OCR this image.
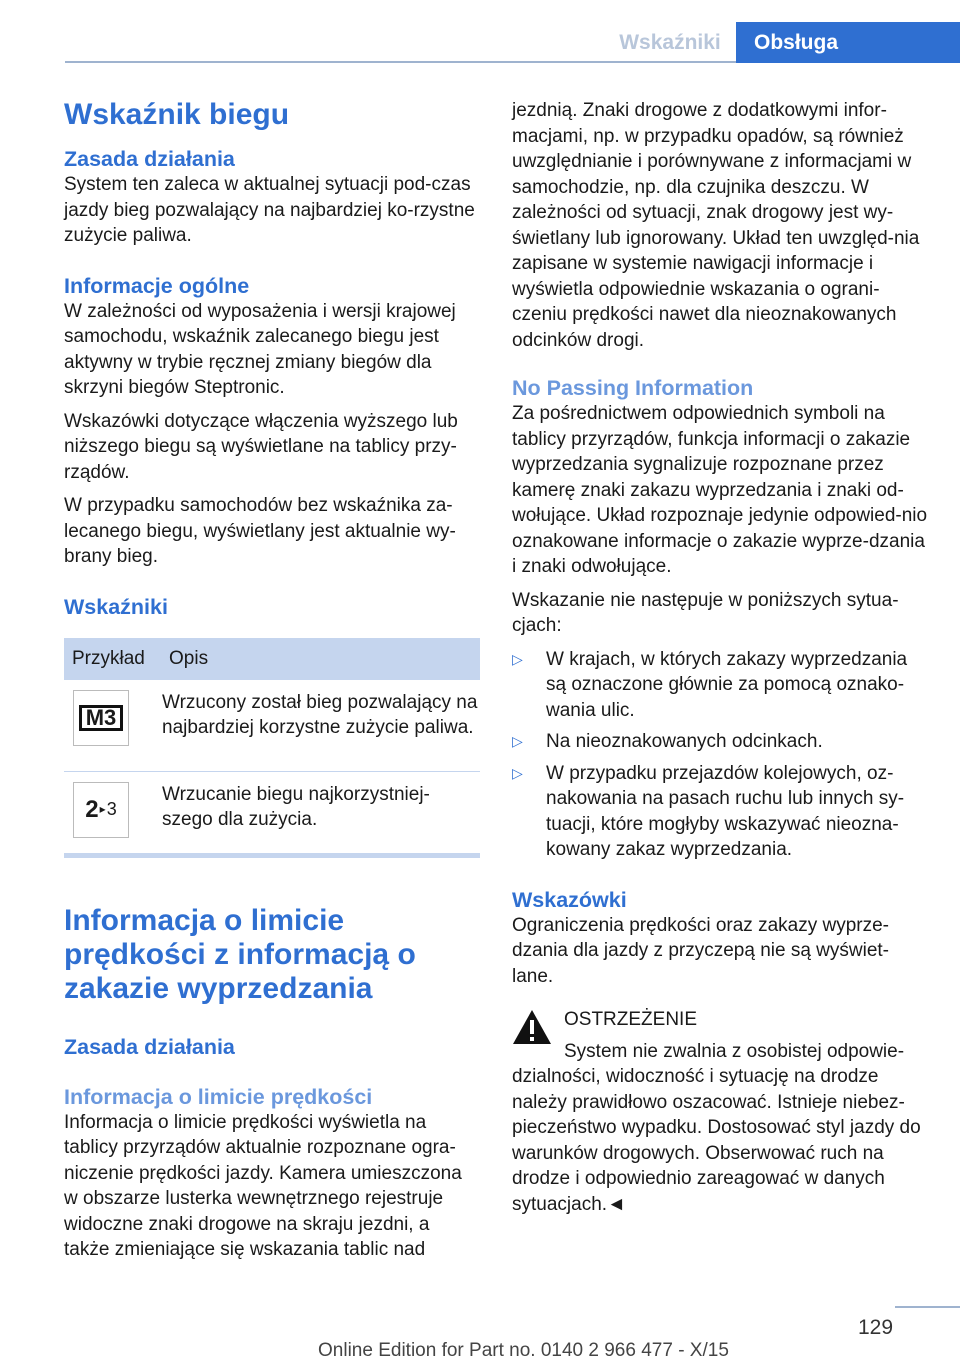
Wskaźniki	Obsługa
Wskaźnik biegu
Zasada działania

System ten zaleca w aktualnej sytuacji pod-czas jazdy bieg pozwalający na najbardziej ko-rzystne zużycie paliwa.

Informacje ogólne

W zależności od wyposażenia i wersji krajowej samochodu, wskaźnik zalecanego biegu jest aktywny w trybie ręcznej zmiany biegów dla skrzyni biegów Steptronic.

Wskazówki dotyczące włączenia wyższego lub niższego biegu są wyświetlane na tablicy przy-rządów.

W przypadku samochodów bez wskaźnika za-lecanego biegu, wyświetlany jest aktualnie wy-brany bieg.

Wskaźniki
Przykład	Opis

M3	Wrzucony został bieg pozwalający na najbardziej korzystne zużycie paliwa.

2 ▸ 3	Wrzucanie biegu najkorzystniej-szego dla zużycia.
Informacja o limicie prędkości z informacją o zakazie wyprzedzania
Zasada działania
Informacja o limicie prędkości

Informacja o limicie prędkości wyświetla na tablicy przyrządów aktualnie rozpoznane ogra-niczenie prędkości jazdy. Kamera umieszczona w obszarze lusterka wewnętrznego rejestruje widoczne znaki drogowe na skraju jezdni, a także zmieniające się wskazania tablic nad

jezdnią. Znaki drogowe z dodatkowymi infor-macjami, np. w przypadku opadów, są również uwzględnianie i porównywane z informacjami w samochodzie, np. dla czujnika deszczu. W zależności od sytuacji, znak drogowy jest wy-świetlany lub ignorowany. Układ ten uwzględ-nia zapisane w systemie nawigacji informacje i wyświetla odpowiednie wskazania o ograni-czeniu prędkości nawet dla nieoznakowanych odcinków drogi.

No Passing Information

Za pośrednictwem odpowiednich symboli na tablicy przyrządów, funkcja informacji o zakazie wyprzedzania sygnalizuje rozpoznane przez kamerę znaki zakazu wyprzedzania i znaki od-wołujące. Układ rozpoznaje jedynie odpowied-nio oznakowane informacje o zakazie wyprze-dzania i znaki odwołujące.

Wskazanie nie następuje w poniższych sytua-cjach:

▷ W krajach, w których zakazy wyprzedzania są oznaczone głównie za pomocą oznako-wania ulic.
▷ Na nieoznakowanych odcinkach.
▷ W przypadku przejazdów kolejowych, oz-nakowania na pasach ruchu lub innych sy-tuacji, które mogłyby wskazywać nieozna-kowany zakaz wyprzedzania.
Wskazówki

Ograniczenia prędkości oraz zakazy wyprze-dzania dla jazdy z przyczepą nie są wyświet-lane.

OSTRZEŻENIE

System nie zwalnia z osobistej odpowie-dzialności, widoczność i sytuację na drodze należy prawidłowo oszacować. Istnieje niebez-pieczeństwo wypadku. Dostosować styl jazdy do warunków drogowych. Obserwować ruch na drodze i odpowiednio zareagować w danych sytuacjach.◄

129
Online Edition for Part no. 0140 2 966 477 - X/15
